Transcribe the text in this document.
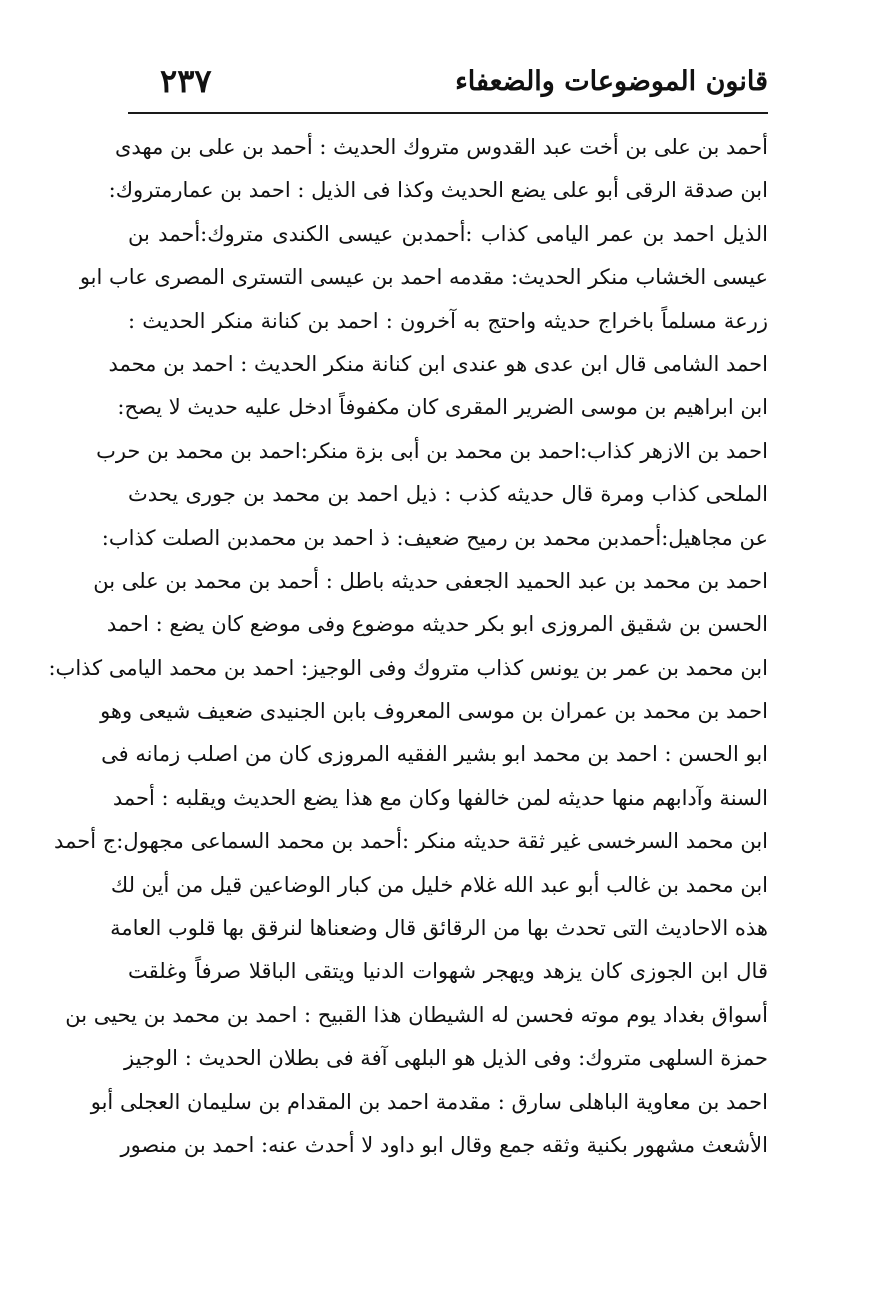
قانون الموضوعات والضعفاء
٢٣٧
أحمد بن على بن أخت عبد القدوس متروك الحديث : أحمد بن على بن مهدى
ابن صدقة الرقى أبو على يضع الحديث وكذا فى الذيل : احمد بن عمارمتروك:
الذيل احمد بن عمر اليامى كذاب :أحمدبن عيسى الكندى متروك:أحمد بن
عيسى الخشاب منكر الحديث: مقدمه احمد بن عيسى التسترى المصرى عاب ابو
زرعة مسلماً باخراج حديثه واحتج به آخرون : احمد بن كنانة منكر الحديث :
احمد الشامى قال ابن عدى هو عندى ابن كنانة منكر الحديث : احمد بن محمد
ابن ابراهيم بن موسى الضرير المقرى كان مكفوفاً ادخل عليه حديث لا يصح:
احمد بن الازهر كذاب:احمد بن محمد بن أبى بزة منكر:احمد بن محمد بن حرب
الملحى كذاب ومرة قال حديثه كذب : ذيل احمد بن محمد بن جورى يحدث
عن مجاهيل:أحمدبن محمد بن رميح ضعيف: ذ احمد بن محمدبن الصلت كذاب:
احمد بن محمد بن عبد الحميد الجعفى حديثه باطل : أحمد بن محمد بن على بن
الحسن بن شقيق المروزى ابو بكر حديثه موضوع وفى موضع كان يضع : احمد
ابن محمد بن عمر بن يونس كذاب متروك وفى الوجيز: احمد بن محمد اليامى كذاب:
احمد بن محمد بن عمران بن موسى المعروف بابن الجنيدى ضعيف شيعى وهو
ابو الحسن : احمد بن محمد ابو بشير الفقيه المروزى كان من اصلب زمانه فى
السنة وآدابهم منها حديثه لمن خالفها وكان مع هذا يضع الحديث ويقلبه : أحمد
ابن محمد السرخسى غير ثقة حديثه منكر :أحمد بن محمد السماعى مجهول:ج أحمد
ابن محمد بن غالب أبو عبد الله غلام خليل من كبار الوضاعين قيل من أين لك
هذه الاحاديث التى تحدث بها من الرقائق قال وضعناها لنرقق بها قلوب العامة
قال ابن الجوزى كان يزهد ويهجر شهوات الدنيا ويتقى الباقلا صرفاً وغلقت
أسواق بغداد يوم موته فحسن له الشيطان هذا القبيح : احمد بن محمد بن يحيى بن
حمزة السلهى متروك: وفى الذيل هو البلهى آفة فى بطلان الحديث : الوجيز
احمد بن معاوية الباهلى سارق : مقدمة احمد بن المقدام بن سليمان العجلى أبو
الأشعث مشهور بكنية وثقه جمع وقال ابو داود لا أحدث عنه: احمد بن منصور
